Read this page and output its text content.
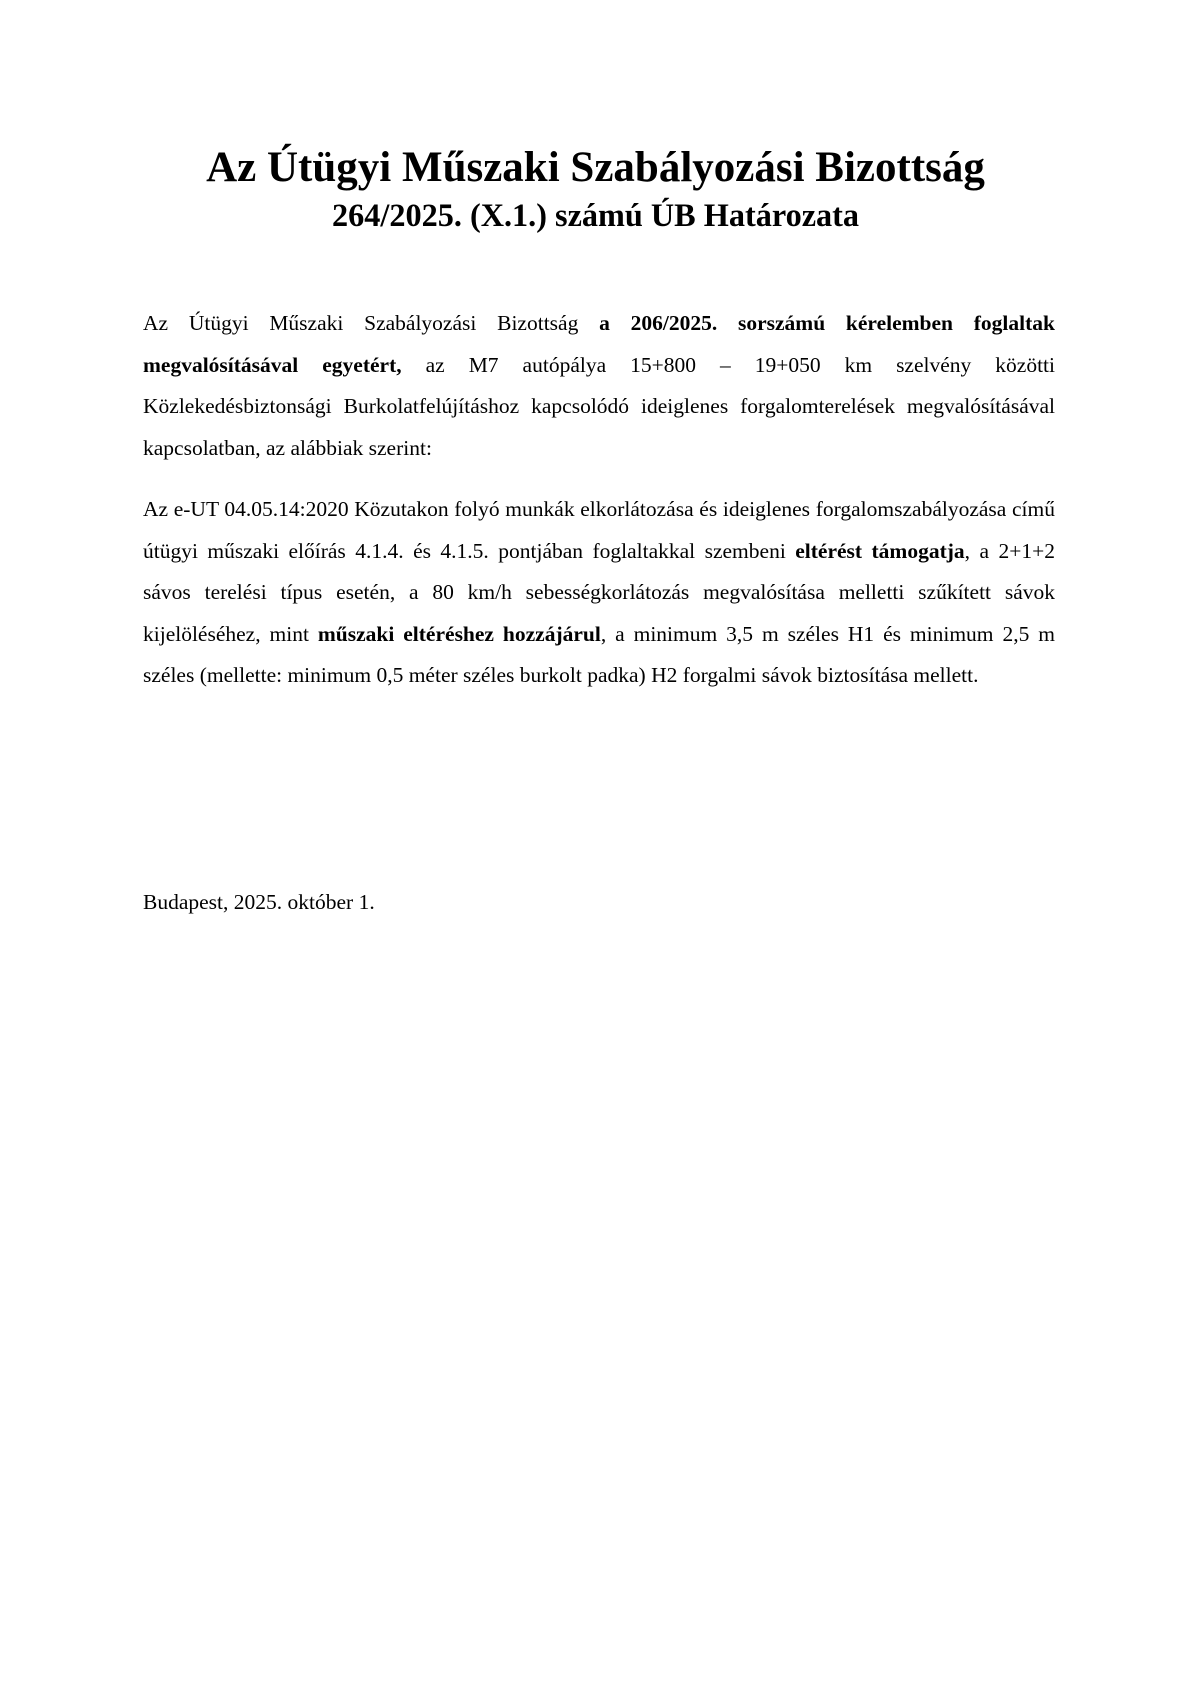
Az Útügyi Műszaki Szabályozási Bizottság
264/2025. (X.1.) számú ÚB Határozata

Az Útügyi Műszaki Szabályozási Bizottság a 206/2025. sorszámú kérelemben foglaltak megvalósításával egyetért, az M7 autópálya 15+800 – 19+050 km szelvény közötti Közlekedésbiztonsági Burkolatfelújításhoz kapcsolódó ideiglenes forgalomterelések megvalósításával kapcsolatban, az alábbiak szerint:

Az e-UT 04.05.14:2020 Közutakon folyó munkák elkorlátozása és ideiglenes forgalomszabályozása című útügyi műszaki előírás 4.1.4. és 4.1.5. pontjában foglaltakkal szembeni eltérést támogatja, a 2+1+2 sávos terelési típus esetén, a 80 km/h sebességkorlátozás megvalósítása melletti szűkített sávok kijelöléséhez, mint műszaki eltéréshez hozzájárul, a minimum 3,5 m széles H1 és minimum 2,5 m széles (mellette: minimum 0,5 méter széles burkolt padka) H2 forgalmi sávok biztosítása mellett.

Budapest, 2025. október 1.
